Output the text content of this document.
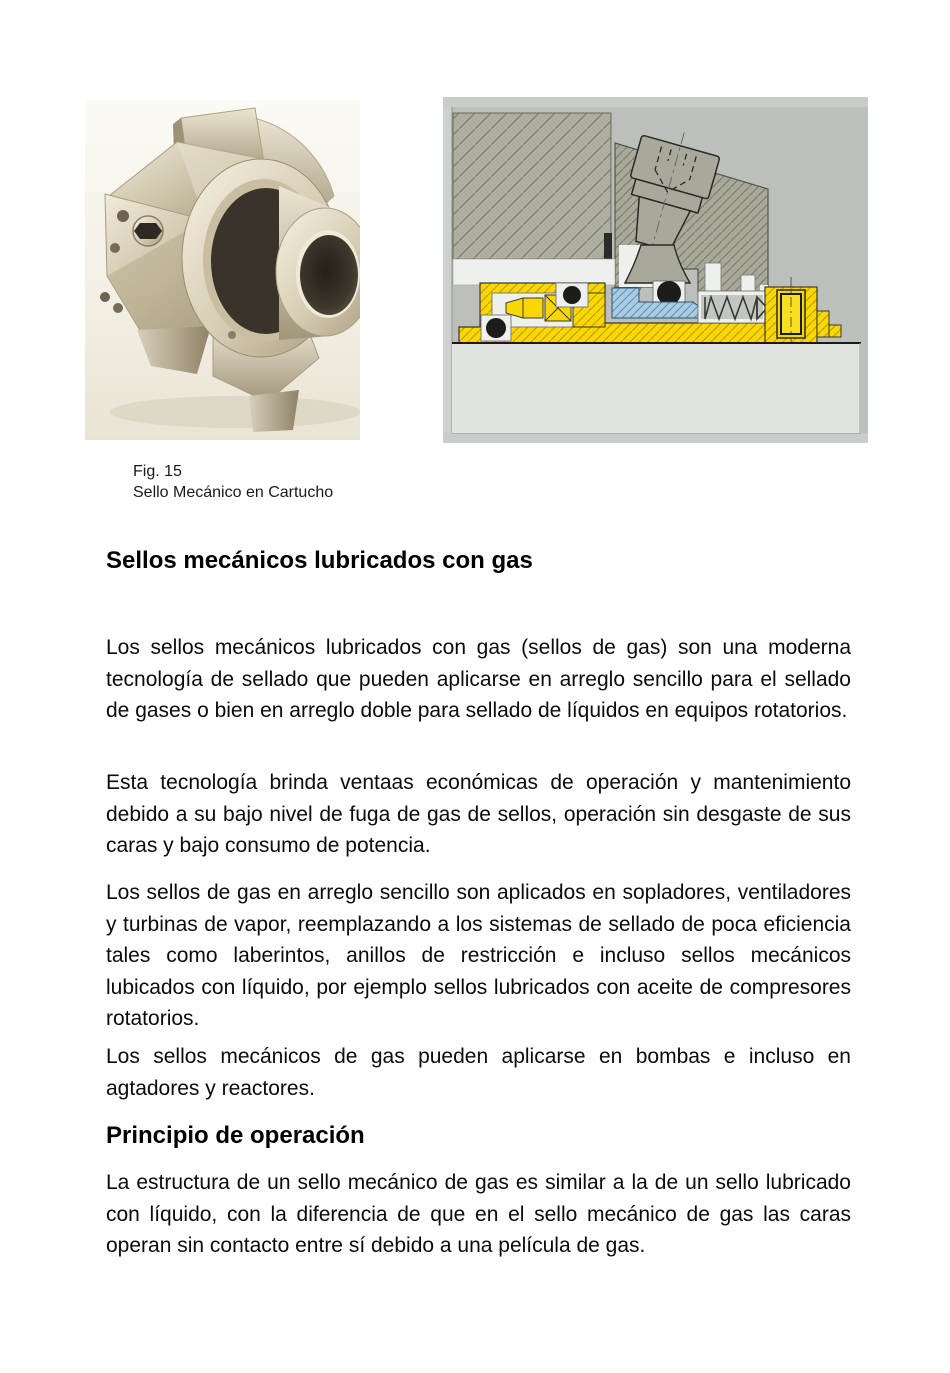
Fig. 15
Sello Mecánico en Cartucho
Sellos mecánicos lubricados con gas

Los sellos mecánicos lubricados con gas (sellos de gas) son una moderna tecnología de sellado que pueden aplicarse en arreglo sencillo para el sellado de gases o bien en arreglo doble para sellado de líquidos en equipos rotatorios.

Esta tecnología brinda ventaas económicas de operación y mantenimiento debido a su bajo nivel de fuga de gas de sellos, operación sin desgaste de sus caras y bajo consumo de potencia.

Los sellos de gas en arreglo sencillo son aplicados en sopladores, ventiladores y turbinas de vapor, reemplazando a los sistemas de sellado de poca eficiencia tales como laberintos, anillos de restricción e incluso sellos mecánicos lubicados con líquido, por ejemplo sellos lubricados con aceite de compresores rotatorios.

Los sellos mecánicos de gas pueden aplicarse en bombas e incluso en agtadores y reactores.

Principio de operación

La estructura de un sello mecánico de gas es similar a la de un sello lubricado con líquido, con la diferencia de que en el sello mecánico de gas las caras operan sin contacto entre sí debido a una película de gas.
